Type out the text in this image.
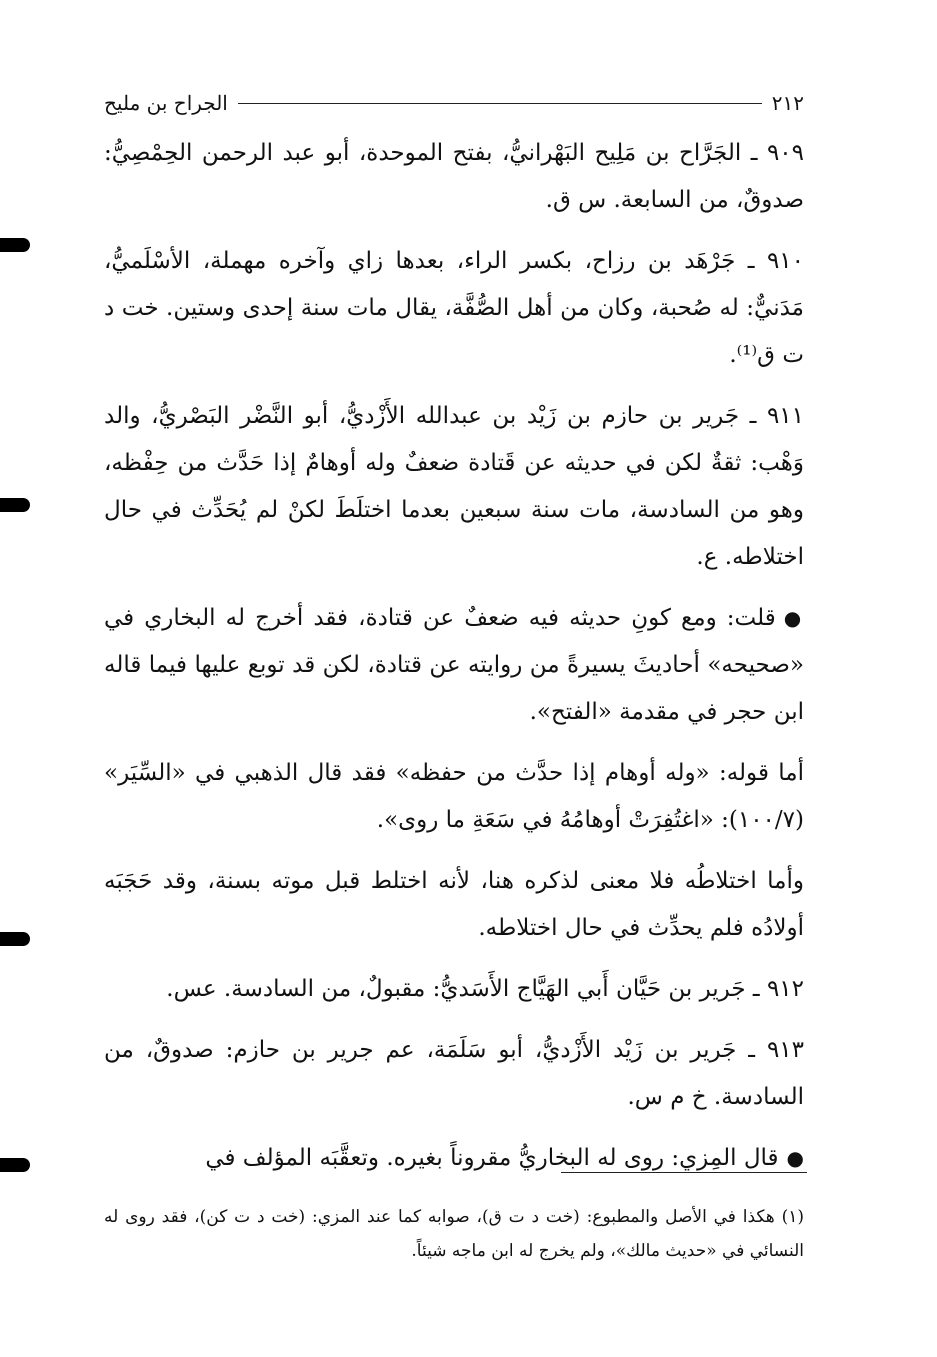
٢١٢
الجراح بن مليح

٩٠٩ ـ الجَرَّاح بن مَلِيح البَهْرانيُّ، بفتح الموحدة، أبو عبد الرحمن الحِمْصِيُّ: صدوقٌ، من السابعة. س ق.

٩١٠ ـ جَرْهَد بن رزاح، بكسر الراء، بعدها زاي وآخره مهملة، الأسْلَميُّ، مَدَنيٌّ: له صُحبة، وكان من أهل الصُّفَّة، يقال مات سنة إحدى وستين. خت د ت ق⁽¹⁾.

٩١١ ـ جَرير بن حازم بن زَيْد بن عبدالله الأَزْديُّ، أبو النَّضْر البَصْريُّ، والد وَهْب: ثقةٌ لكن في حديثه عن قَتادة ضعفٌ وله أوهامٌ إذا حَدَّث من حِفْظه، وهو من السادسة، مات سنة سبعين بعدما اختلَطَ لكنْ لم يُحَدِّث في حال اختلاطه. ع.

●قلت: ومع كونِ حديثه فيه ضعفٌ عن قتادة، فقد أخرج له البخاري في «صحيحه» أحاديثَ يسيرةً من روايته عن قتادة، لكن قد توبع عليها فيما قاله ابن حجر في مقدمة «الفتح».

أما قوله: «وله أوهام إذا حدَّث من حفظه» فقد قال الذهبي في «السِّيَر» (١٠٠/٧): «اغتُفِرَتْ أوهامُهُ في سَعَةِ ما روى».

وأما اختلاطُه فلا معنى لذكره هنا، لأنه اختلط قبل موته بسنة، وقد حَجَبَه أولادُه فلم يحدِّث في حال اختلاطه.

٩١٢ ـ جَرير بن حَيَّان أَبي الهَيَّاج الأَسَديُّ: مقبولٌ، من السادسة. عس.

٩١٣ ـ جَرير بن زَيْد الأَزْديُّ، أبو سَلَمَة، عم جرير بن حازم: صدوقٌ، من السادسة. خ م س.

●قال المِزي: روى له البخاريُّ مقروناً بغيره. وتعقَّبَه المؤلف في

(١) هكذا في الأصل والمطبوع: (خت د ت ق)، صوابه كما عند المزي: (خت د ت كن)، فقد روى له النسائي في «حديث مالك»، ولم يخرج له ابن ماجه شيئاً.
